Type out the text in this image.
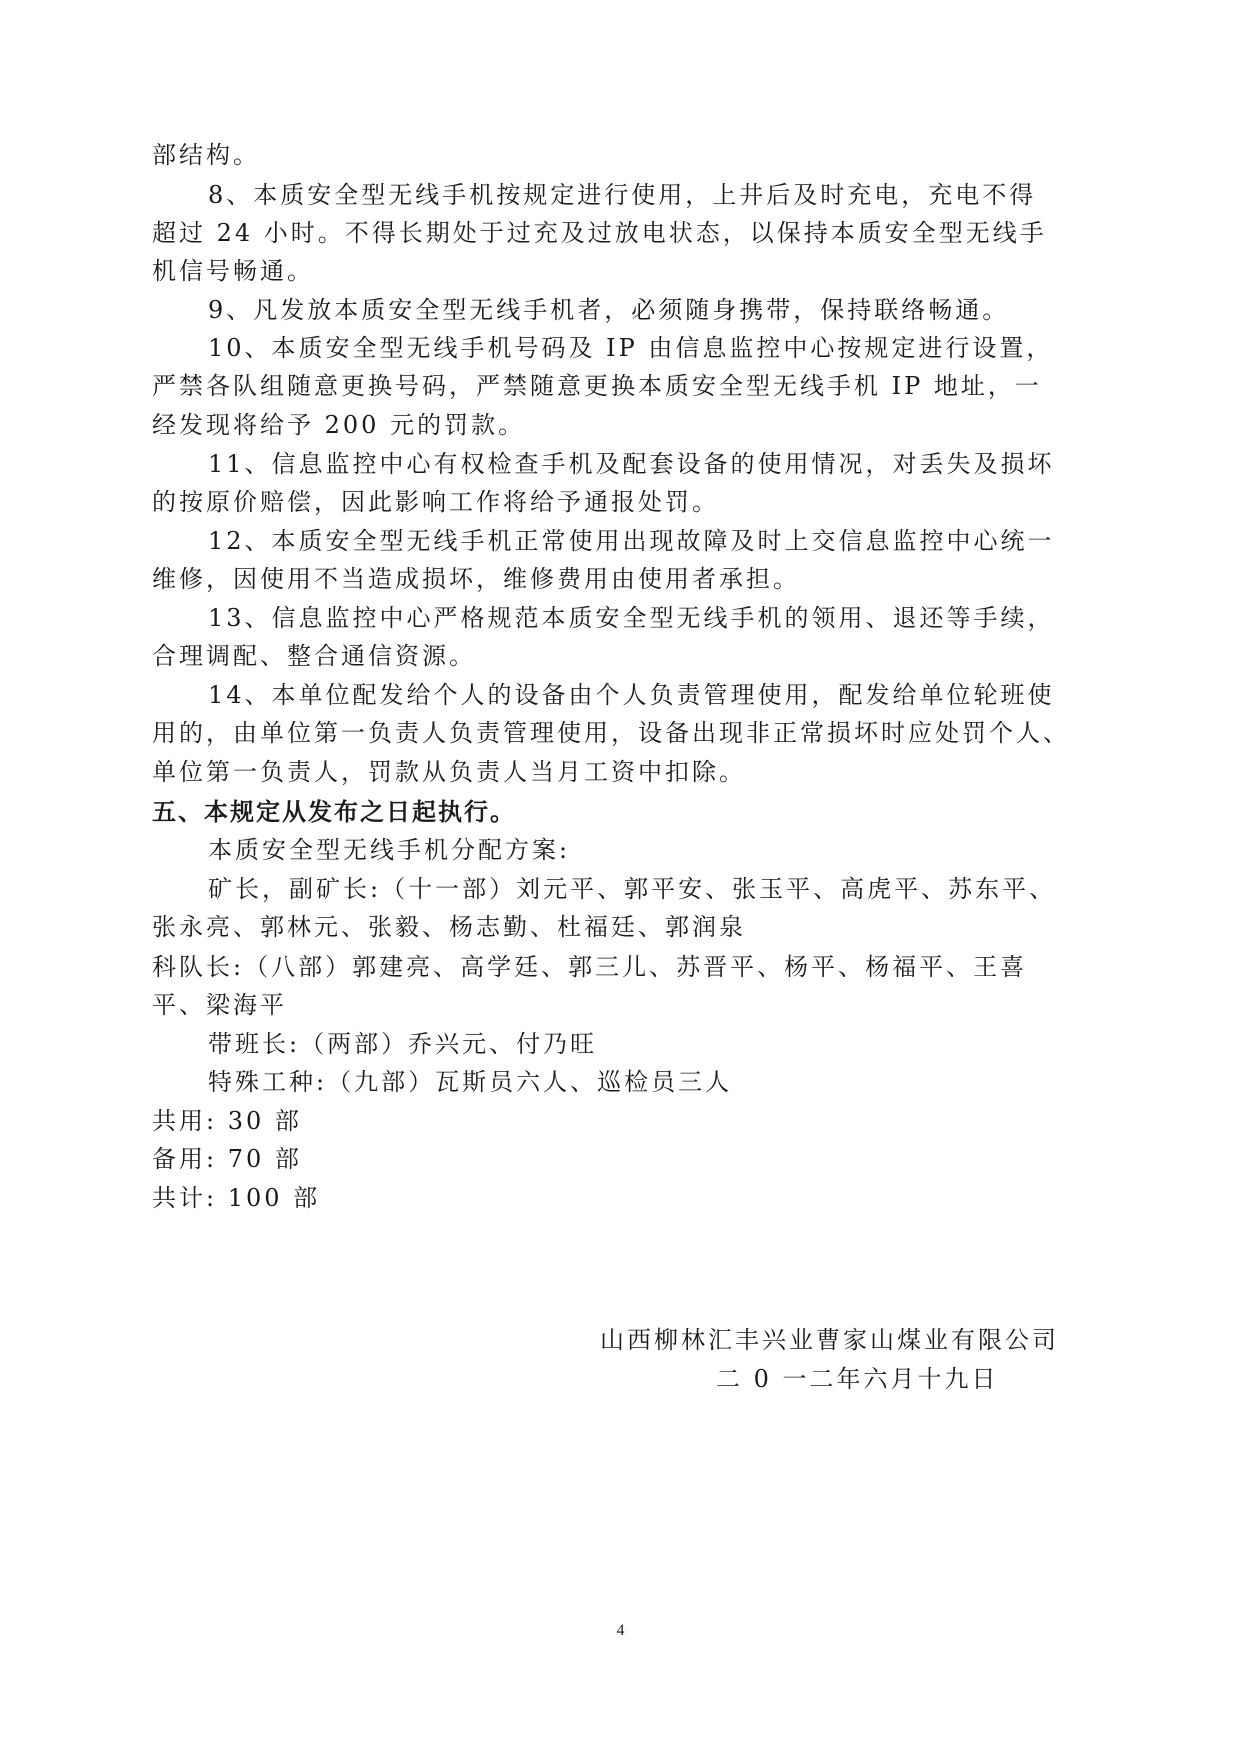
部结构。
8、本质安全型无线手机按规定进行使用，上井后及时充电，充电不得
超过 24 小时。不得长期处于过充及过放电状态，以保持本质安全型无线手
机信号畅通。
9、凡发放本质安全型无线手机者，必须随身携带，保持联络畅通。
10、本质安全型无线手机号码及 IP 由信息监控中心按规定进行设置，
严禁各队组随意更换号码，严禁随意更换本质安全型无线手机 IP 地址，一
经发现将给予 200 元的罚款。
11、信息监控中心有权检查手机及配套设备的使用情况，对丢失及损坏
的按原价赔偿，因此影响工作将给予通报处罚。
12、本质安全型无线手机正常使用出现故障及时上交信息监控中心统一
维修，因使用不当造成损坏，维修费用由使用者承担。
13、信息监控中心严格规范本质安全型无线手机的领用、退还等手续，
合理调配、整合通信资源。
14、本单位配发给个人的设备由个人负责管理使用，配发给单位轮班使
用的，由单位第一负责人负责管理使用，设备出现非正常损坏时应处罚个人、
单位第一负责人，罚款从负责人当月工资中扣除。
五、本规定从发布之日起执行。
本质安全型无线手机分配方案:
矿长，副矿长:（十一部）刘元平、郭平安、张玉平、高虎平、苏东平、
张永亮、郭林元、张毅、杨志勤、杜福廷、郭润泉
科队长:（八部）郭建亮、高学廷、郭三儿、苏晋平、杨平、杨福平、王喜
平、梁海平
带班长:（两部）乔兴元、付乃旺
特殊工种:（九部）瓦斯员六人、巡检员三人
共用: 30 部
备用: 70 部
共计: 100 部
山西柳林汇丰兴业曹家山煤业有限公司
二 0 一二年六月十九日
4
